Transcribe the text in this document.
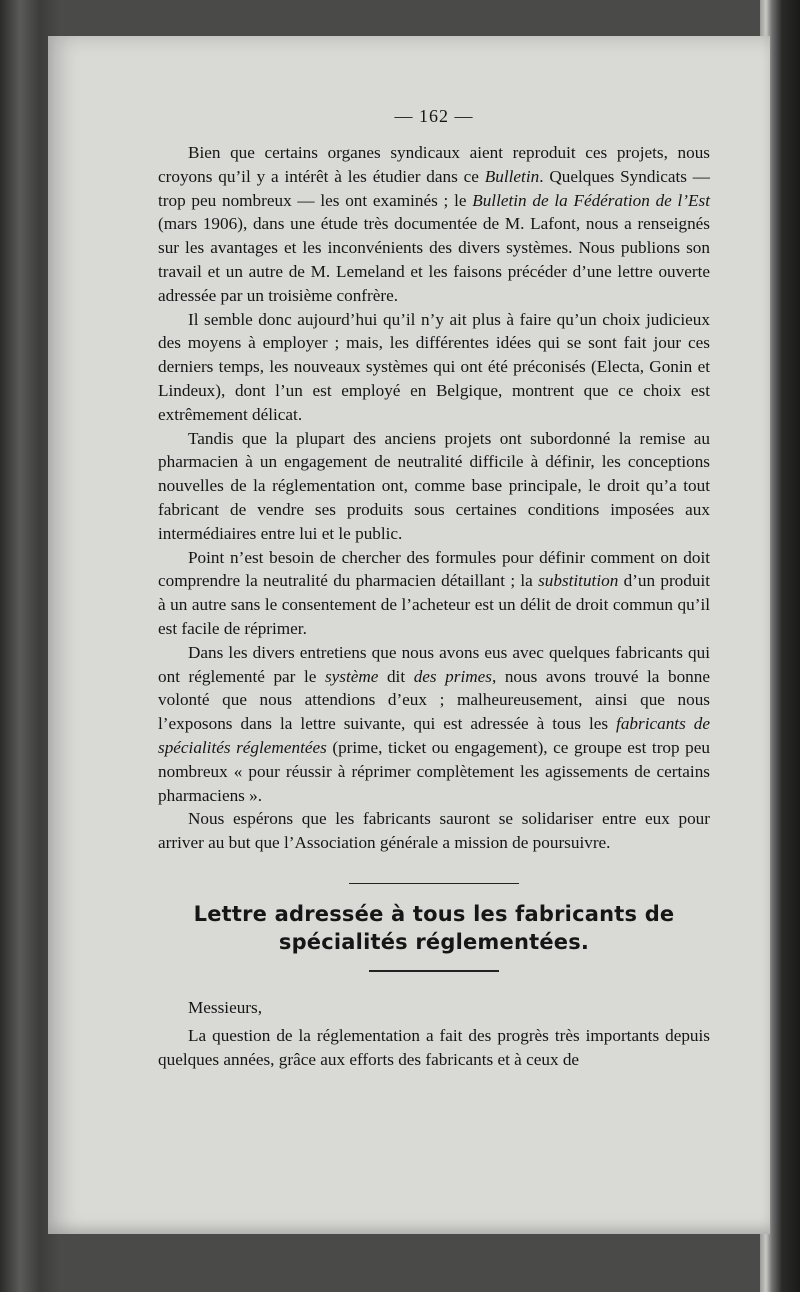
— 162 —

Bien que certains organes syndicaux aient reproduit ces projets, nous croyons qu’il y a intérêt à les étudier dans ce Bulletin. Quelques Syndicats — trop peu nombreux — les ont examinés ; le Bulletin de la Fédération de l’Est (mars 1906), dans une étude très documentée de M. Lafont, nous a renseignés sur les avantages et les inconvénients des divers systèmes. Nous publions son travail et un autre de M. Lemeland et les faisons précéder d’une lettre ouverte adressée par un troisième confrère.

Il semble donc aujourd’hui qu’il n’y ait plus à faire qu’un choix judicieux des moyens à employer ; mais, les différentes idées qui se sont fait jour ces derniers temps, les nouveaux systèmes qui ont été préconisés (Electa, Gonin et Lindeux), dont l’un est employé en Belgique, montrent que ce choix est extrêmement délicat.

Tandis que la plupart des anciens projets ont subordonné la remise au pharmacien à un engagement de neutralité difficile à définir, les conceptions nouvelles de la réglementation ont, comme base principale, le droit qu’a tout fabricant de vendre ses produits sous certaines conditions imposées aux intermédiaires entre lui et le public.

Point n’est besoin de chercher des formules pour définir comment on doit comprendre la neutralité du pharmacien détaillant ; la substitution d’un produit à un autre sans le consentement de l’acheteur est un délit de droit commun qu’il est facile de réprimer.

Dans les divers entretiens que nous avons eus avec quelques fabricants qui ont réglementé par le système dit des primes, nous avons trouvé la bonne volonté que nous attendions d’eux ; malheureusement, ainsi que nous l’exposons dans la lettre suivante, qui est adressée à tous les fabricants de spécialités réglementées (prime, ticket ou engagement), ce groupe est trop peu nombreux « pour réussir à réprimer complètement les agissements de certains pharmaciens ».

Nous espérons que les fabricants sauront se solidariser entre eux pour arriver au but que l’Association générale a mission de poursuivre.

Lettre adressée à tous les fabricants de
spécialités réglementées.
Messieurs,

La question de la réglementation a fait des progrès très importants depuis quelques années, grâce aux efforts des fabricants et à ceux de
